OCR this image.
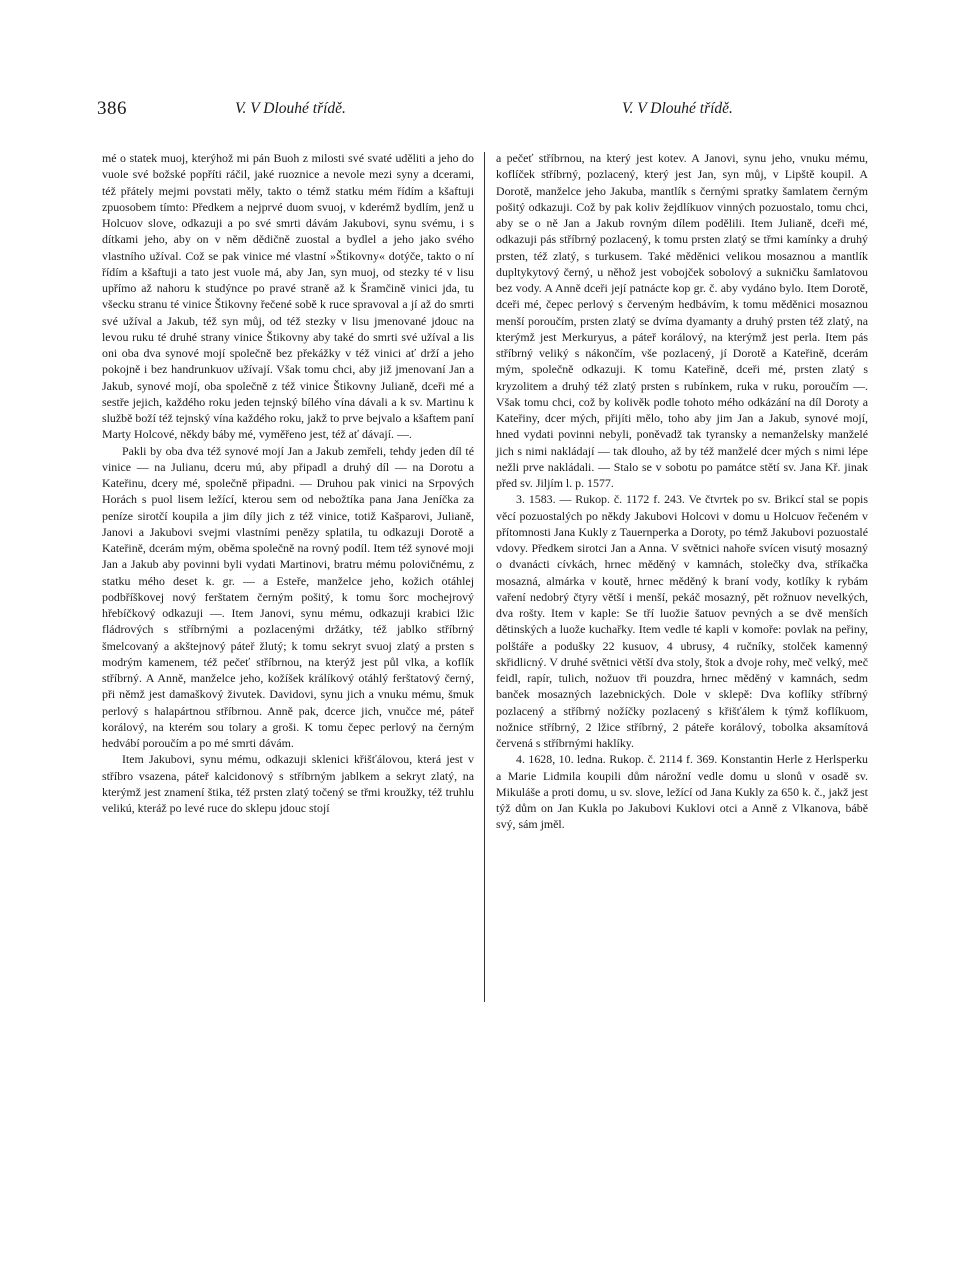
386	V. V Dlouhé třídě.	V. V Dlouhé třídě.

mé o statek muoj, kterýhož mi pán Buoh z milosti své svaté uděliti a jeho do vuole své božské popříti ráčil, jaké ruoznice a nevole mezi syny a dcerami, též přátely mejmi povstati měly, takto o témž statku mém řídím a kšaftuji zpuosobem tímto: Předkem a nejprvé duom svuoj, v kderémž bydlím, jenž u Holcuov slove, odkazuji a po své smrti dávám Jakubovi, synu svému, i s dítkami jeho, aby on v něm dědičně zuostal a bydlel a jeho jako svého vlastního užíval. Což se pak vinice mé vlastní »Štikovny« dotýče, takto o ní řídím a kšaftuji a tato jest vuole má, aby Jan, syn muoj, od stezky té v lisu upřímo až nahoru k studýnce po pravé straně až k Šramčině vinici jda, tu všecku stranu té vinice Štikovny řečené sobě k ruce spravoval a jí až do smrti své užíval a Jakub, též syn můj, od též stezky v lisu jmenované jdouc na levou ruku té druhé strany vinice Štikovny aby také do smrti své užíval a lis oni oba dva synové mojí společně bez překážky v též vinici ať drží a jeho pokojně i bez handrunkuov užívají. Však tomu chci, aby již jmenovaní Jan a Jakub, synové mojí, oba společně z též vinice Štikovny Julianě, dceři mé a sestře jejich, každého roku jeden tejnský bílého vína dávali a k sv. Martinu k službě boží též tejnský vína každého roku, jakž to prve bejvalo a kšaftem paní Marty Holcové, někdy báby mé, vyměřeno jest, též ať dávají. —.

Pakli by oba dva též synové mojí Jan a Jakub zemřeli, tehdy jeden díl té vinice — na Julianu, dceru mú, aby připadl a druhý díl — na Dorotu a Kateřinu, dcery mé, společně připadni. — Druhou pak vinici na Srpových Horách s puol lisem ležící, kterou sem od nebožtíka pana Jana Jeníčka za peníze sirotčí koupila a jim díly jich z též vinice, totiž Kašparovi, Julianě, Janovi a Jakubovi svejmi vlastními penězy splatila, tu odkazuji Dorotě a Kateřině, dcerám mým, oběma společně na rovný podíl. Item též synové moji Jan a Jakub aby povinni byli vydati Martinovi, bratru mému polovičnému, z statku mého deset k. gr. — a Esteře, manželce jeho, kožich otáhlej podbříškovej nový ferštatem černým pošitý, k tomu šorc mochejrový hřebíčkový odkazuji —. Item Janovi, synu mému, odkazuji krabici lžic fládrových s stříbrnými a pozlacenými držátky, též jablko stříbrný šmelcovaný a akštejnový páteř žlutý; k tomu sekryt svuoj zlatý a prsten s modrým kamenem, též pečeť stříbrnou, na kterýž jest půl vlka, a koflík stříbrný. A Anně, manželce jeho, kožíšek králíkový otáhlý ferštatový černý, při němž jest damaškový živutek. Davidovi, synu jich a vnuku mému, šmuk perlový s halapártnou stříbrnou. Anně pak, dcerce jich, vnučce mé, páteř korálový, na kterém sou tolary a groši. K tomu čepec perlový na černým hedvábí poroučím a po mé smrti dávám.

Item Jakubovi, synu mému, odkazuji sklenici křišťálovou, která jest v stříbro vsazena, páteř kalcidonový s stříbrným jablkem a sekryt zlatý, na kterýmž jest znamení štika, též prsten zlatý točený se třmi kroužky, též truhlu velikú, kteráž po levé ruce do sklepu jdouc stojí

a pečeť stříbrnou, na který jest kotev. A Janovi, synu jeho, vnuku mému, koflíček stříbrný, pozlacený, který jest Jan, syn můj, v Lipště koupil. A Dorotě, manželce jeho Jakuba, mantlík s černými spratky šamlatem černým pošitý odkazuji. Což by pak koliv žejdlíkuov vinných pozuostalo, tomu chci, aby se o ně Jan a Jakub rovným dílem podělili. Item Julianě, dceři mé, odkazuji pás stříbrný pozlacený, k tomu prsten zlatý se třmi kamínky a druhý prsten, též zlatý, s turkusem. Také měděnici velikou mosaznou a mantlík dupltykytový černý, u něhož jest vobojček sobolový a sukničku šamlatovou bez vody. A Anně dceři její patnácte kop gr. č. aby vydáno bylo. Item Dorotě, dceři mé, čepec perlový s červeným hedbávím, k tomu měděnici mosaznou menší poroučím, prsten zlatý se dvíma dyamanty a druhý prsten též zlatý, na kterýmž jest Merkuryus, a páteř korálový, na kterýmž jest perla. Item pás stříbrný veliký s nákončím, vše pozlacený, jí Dorotě a Kateřině, dcerám mým, společně odkazuji. K tomu Kateřině, dceři mé, prsten zlatý s kryzolitem a druhý též zlatý prsten s rubínkem, ruka v ruku, poroučím —. Však tomu chci, což by kolivěk podle tohoto mého odkázání na díl Doroty a Kateřiny, dcer mých, přijíti mělo, toho aby jim Jan a Jakub, synové mojí, hned vydati povinni nebyli, poněvadž tak tyransky a nemanželsky manželé jich s nimi nakládají — tak dlouho, až by též manželé dcer mých s nimi lépe nežli prve nakládali. — Stalo se v sobotu po památce stětí sv. Jana Kř. jinak před sv. Jiljím l. p. 1577.

3. 1583. — Rukop. č. 1172 f. 243. Ve čtvrtek po sv. Brikcí stal se popis věcí pozuostalých po někdy Jakubovi Holcovi v domu u Holcuov řečeném v přítomnosti Jana Kukly z Tauernperka a Doroty, po témž Jakubovi pozuostalé vdovy. Předkem sirotci Jan a Anna. V světnici nahoře svícen visutý mosazný o dvanácti cívkách, hrnec měděný v kamnách, stolečky dva, stříkačka mosazná, almárka v koutě, hrnec měděný k braní vody, kotlíky k rybám vaření nedobrý čtyry větší i menší, pekáč mosazný, pět rožnuov nevelkých, dva rošty. Item v kaple: Se tří luožie šatuov pevných a se dvě menších dětinských a luože kuchařky. Item vedle té kapli v komoře: povlak na peřiny, polštáře a podušky 22 kusuov, 4 ubrusy, 4 ručníky, stolček kamenný skřidlicný. V druhé světnici větší dva stoly, štok a dvoje rohy, meč velký, meč feidl, rapír, tulich, nožuov tři pouzdra, hrnec měděný v kamnách, sedm banček mosazných lazebnických. Dole v sklepě: Dva koflíky stříbrný pozlacený a stříbrný nožíčky pozlacený s křišťálem k týmž koflíkuom, nožnice stříbrný, 2 lžice stříbrný, 2 páteře korálový, tobolka aksamítová červená s stříbrnými haklíky.

4. 1628, 10. ledna. Rukop. č. 2114 f. 369. Konstantin Herle z Herlsperku a Marie Lidmila koupili dům nárožní vedle domu u slonů v osadě sv. Mikuláše a proti domu, u sv. slove, ležící od Jana Kukly za 650 k. č., jakž jest týž dům on Jan Kukla po Jakubovi Kuklovi otci a Anně z Vlkanova, bábě svý, sám jměl.
